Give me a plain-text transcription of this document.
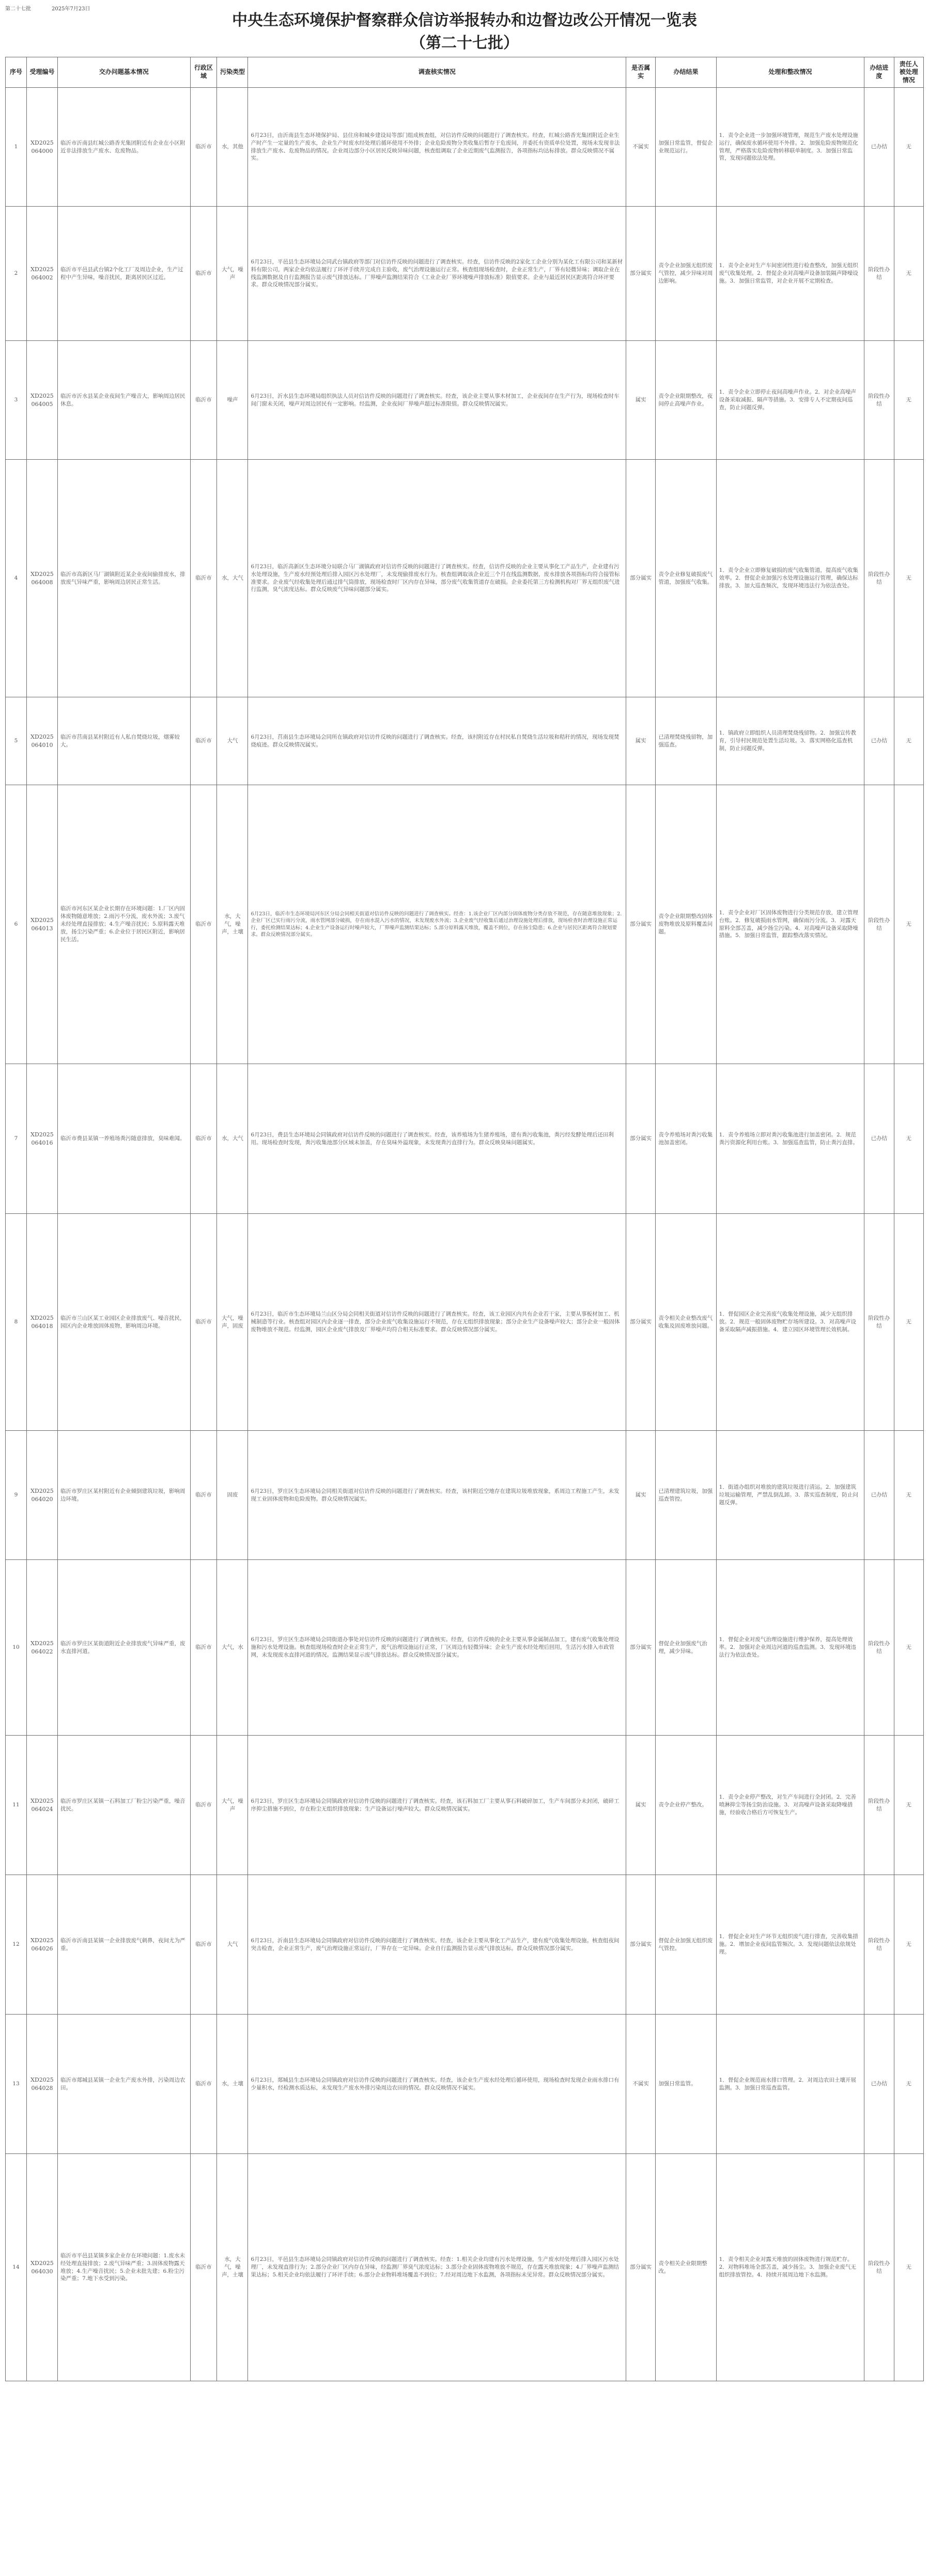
第二十七批　　　　2025年7月23日
中央生态环境保护督察群众信访举报转办和边督边改公开情况一览表
（第二十七批）
序号	受理编号	交办问题基本情况	行政区域	污染类型	调查核实情况	是否属实	办结结果	处理和整改情况	办结进度	责任人被处理情况
1	XD2025064000	临沂市沂南县红城公路香光集团附近有企业在小区附近非法排放生产废水、危废物品。	临沂市	水，其他	6月23日，由沂南县生态环境保护局、县住房和城乡建设局等部门组成核查组，对信访件反映的问题进行了调查核实。经查，红城公路香光集团附近企业生产时产生一定量的生产废水，企业生产时废水经处理后循环使用不外排；企业危险废物分类收集后暂存于危废间，并委托有资质单位处置，现场未发现非法排放生产废水、危废物品的情况。企业周边部分小区居民反映异味问题，核查组调取了企业近期废气监测报告，各项指标均达标排放。群众反映情况不属实。	不属实	加强日常监管，督促企业规范运行。	1．责令企业进一步加强环境管理，规范生产废水处理设施运行，确保废水循环使用不外排。2．加强危险废物规范化管理，严格落实危险废物转移联单制度。3．加强日常监管，发现问题依法处理。	已办结	无
2	XD2025064002	临沂市平邑县武台镇2个化工厂及周边企业，生产过程中产生异味，噪音扰民，距离居民区过近。	临沂市	大气，噪声	6月23日，平邑县生态环境局会同武台镇政府等部门对信访件反映的问题进行了调查核实。经查，信访件反映的2家化工企业分别为某化工有限公司和某新材料有限公司，两家企业均依法履行了环评手续并完成自主验收，废气治理设施运行正常。核查组现场检查时，企业正常生产，厂界有轻微异味；调取企业在线监测数据及自行监测报告显示废气排放达标。厂界噪声监测结果符合《工业企业厂界环境噪声排放标准》限值要求。企业与最近居民区距离符合环评要求。群众反映情况部分属实。	部分属实	责令企业加强无组织废气管控，减少异味对周边影响。	1．责令企业对生产车间密闭性进行检查整改，加强无组织废气收集处理。2．督促企业对高噪声设备加装隔声降噪设施。3．加强日常监管，对企业开展不定期检查。	阶段性办结	无
3	XD2025064005	临沂市沂水县某企业夜间生产噪音大，影响周边居民休息。	临沂市	噪声	6月23日，沂水县生态环境局组织执法人员对信访件反映的问题进行了调查核实。经查，该企业主要从事木材加工，企业夜间存在生产行为，现场检查时车间门窗未关闭，噪声对周边居民有一定影响。经监测，企业夜间厂界噪声超过标准限值。群众反映情况属实。	属实	责令企业限期整改，夜间停止高噪声作业。	1．责令企业立即停止夜间高噪声作业。2．对企业高噪声设备采取减振、隔声等措施。3．安排专人不定期夜间巡查，防止问题反弹。	阶段性办结	无
4	XD2025064008	临沂市高新区马厂湖镇附近某企业夜间偷排废水，排放废气异味严重，影响周边居民正常生活。	临沂市	水，大气	6月23日，临沂高新区生态环境分局联合马厂湖镇政府对信访件反映的问题进行了调查核实。经查，信访件反映的企业主要从事化工产品生产，企业建有污水处理设施，生产废水经预处理后排入园区污水处理厂，未发现偷排废水行为。核查组调取该企业近三个月在线监测数据，废水排放各项指标均符合接管标准要求。企业废气经收集处理后通过排气筒排放，现场检查时厂区内存在异味，部分废气收集管道存在破损。企业委托第三方检测机构对厂界无组织废气进行监测，臭气浓度达标。群众反映废气异味问题部分属实。	部分属实	责令企业修复破损废气管道，加强废气收集。	1．责令企业立即修复破损的废气收集管道，提高废气收集效率。2．督促企业加强污水处理设施运行管理，确保达标排放。3．加大巡查频次，发现环境违法行为依法查处。	阶段性办结	无
5	XD2025064010	临沂市莒南县某村附近有人私自焚烧垃圾，烟雾较大。	临沂市	大气	6月23日，莒南县生态环境局会同所在镇政府对信访件反映的问题进行了调查核实。经查，该村附近存在村民私自焚烧生活垃圾和秸秆的情况，现场发现焚烧痕迹。群众反映情况属实。	属实	已清理焚烧残留物，加强巡查。	1．镇政府立即组织人员清理焚烧残留物。2．加强宣传教育，引导村民规范处置生活垃圾。3．落实网格化巡查机制，防止问题反弹。	已办结	无
6	XD2025064013	临沂市河东区某企业长期存在环境问题：1.厂区内固体废物随意堆放；2.雨污不分流，废水外流；3.废气未经处理直接排放；4.生产噪音扰民；5.原料露天堆放，扬尘污染严重；6.企业位于居民区附近，影响居民生活。	临沂市	水，大气，噪声，土壤	6月23日，临沂市生态环境局河东区分局会同相关街道对信访件反映的问题进行了调查核实。经查：1.该企业厂区内部分固体废物分类存放不规范，存在随意堆放现象；2.企业厂区已实行雨污分流，雨水管网部分破损，存在雨水混入污水的情况，未发现废水外流；3.企业废气经收集后通过治理设施处理后排放，现场检查时治理设施正常运行，委托检测结果达标；4.企业生产设备运行时噪声较大，厂界噪声监测结果达标；5.部分原料露天堆放，覆盖不到位，存在扬尘隐患；6.企业与居民区距离符合规划要求。群众反映情况部分属实。	部分属实	责令企业限期整改固体废物堆放及原料覆盖问题。	1．责令企业对厂区固体废物进行分类规范存放，建立管理台账。2．修复破损雨水管网，确保雨污分流。3．对露天原料全部苫盖，减少扬尘污染。4．对高噪声设备采取降噪措施。5．加强日常监管，跟踪整改落实情况。	阶段性办结	无
7	XD2025064016	临沂市费县某镇一养殖场粪污随意排放，臭味难闻。	临沂市	水，大气	6月23日，费县生态环境局会同镇政府对信访件反映的问题进行了调查核实。经查，该养殖场为生猪养殖场，建有粪污收集池，粪污经发酵处理后还田利用。现场检查时发现，粪污收集池部分区域未加盖，存在臭味外溢现象，未发现粪污直排行为。群众反映臭味问题属实。	部分属实	责令养殖场对粪污收集池加盖密闭。	1．责令养殖场立即对粪污收集池进行加盖密闭。2．规范粪污资源化利用台账。3．加强巡查监管，防止粪污直排。	已办结	无
8	XD2025064018	临沂市兰山区某工业园区企业排放废气、噪音扰民，园区内企业堆放固体废物，影响周边环境。	临沂市	大气，噪声，固废	6月23日，临沂市生态环境局兰山区分局会同相关街道对信访件反映的问题进行了调查核实。经查，该工业园区内共有企业若干家，主要从事板材加工、机械制造等行业。核查组对园区内企业逐一排查，部分企业废气收集设施运行不规范，存在无组织排放现象；部分企业生产设备噪声较大；部分企业一般固体废物堆放不规范。经监测，园区企业废气排放及厂界噪声均符合相关标准要求。群众反映情况部分属实。	部分属实	责令相关企业整改废气收集及固废堆放问题。	1．督促园区企业完善废气收集处理设施，减少无组织排放。2．规范一般固体废物贮存场所建设。3．对高噪声设备采取隔声减振措施。4．建立园区环境管理长效机制。	阶段性办结	无
9	XD2025064020	临沂市罗庄区某村附近有企业倾倒建筑垃圾，影响周边环境。	临沂市	固废	6月23日，罗庄区生态环境局会同相关街道对信访件反映的问题进行了调查核实。经查，该村附近空地存在建筑垃圾堆放现象，系周边工程施工产生，未发现工业固体废物和危险废物。群众反映情况属实。	属实	已清理建筑垃圾，加强巡查管控。	1．街道办组织对堆放的建筑垃圾进行清运。2．加强建筑垃圾运输管理，严禁乱倒乱卸。3．落实巡查制度，防止问题反弹。	已办结	无
10	XD2025064022	临沂市罗庄区某街道附近企业排放废气异味严重，废水直排河道。	临沂市	大气，水	6月23日，罗庄区生态环境局会同街道办事处对信访件反映的问题进行了调查核实。经查，信访件反映的企业主要从事金属制品加工，建有废气收集处理设施和污水处理设施。核查组现场检查时企业正常生产，废气治理设施运行正常，厂区周边有轻微异味；企业生产废水经处理后回用，生活污水排入市政管网，未发现废水直排河道的情况。监测结果显示废气排放达标。群众反映情况部分属实。	部分属实	督促企业加强废气治理，减少异味。	1．督促企业对废气治理设施进行维护保养，提高处理效率。2．加强对企业周边河道的巡查监测。3．发现环境违法行为依法查处。	阶段性办结	无
11	XD2025064024	临沂市罗庄区某镇一石料加工厂粉尘污染严重，噪音扰民。	临沂市	大气，噪声	6月23日，罗庄区生态环境局会同镇政府对信访件反映的问题进行了调查核实。经查，该石料加工厂主要从事石料破碎加工，生产车间部分未封闭，破碎工序抑尘措施不到位，存在粉尘无组织排放现象；生产设备运行噪声较大。群众反映情况属实。	属实	责令企业停产整改。	1．责令企业停产整改，对生产车间进行全封闭。2．完善喷淋抑尘等扬尘防治设施。3．对高噪声设备采取降噪措施，经验收合格后方可恢复生产。	阶段性办结	无
12	XD2025064026	临沂市沂南县某镇一企业排放废气刺鼻，夜间尤为严重。	临沂市	大气	6月23日，沂南县生态环境局会同镇政府对信访件反映的问题进行了调查核实。经查，该企业主要从事化工产品生产，建有废气收集处理设施。核查组夜间突击检查，企业正常生产，废气治理设施正常运行，厂界存在一定异味。企业自行监测报告显示废气排放达标。群众反映情况部分属实。	部分属实	督促企业加强无组织废气管控。	1．督促企业对生产环节无组织废气进行排查，完善收集措施。2．增加企业夜间监管频次。3．发现问题依法依规处理。	阶段性办结	无
13	XD2025064028	临沂市郯城县某镇一企业生产废水外排，污染周边农田。	临沂市	水，土壤	6月23日，郯城县生态环境局会同镇政府对信访件反映的问题进行了调查核实。经查，该企业生产废水经处理后循环使用，现场检查时发现企业雨水排口有少量积水，经检测水质达标，未发现生产废水外排污染周边农田的情况。群众反映情况不属实。	不属实	加强日常监管。	1．督促企业规范雨水排口管理。2．对周边农田土壤开展监测。3．加强日常巡查监管。	已办结	无
14	XD2025064030	临沂市平邑县某镇多家企业存在环境问题：1.废水未经处理直接排放；2.废气异味严重；3.固体废物露天堆放；4.生产噪音扰民；5.企业未批先建；6.粉尘污染严重；7.地下水受到污染。	临沂市	水，大气，噪声，土壤	6月23日，平邑县生态环境局会同镇政府对信访件反映的问题进行了调查核实。经查：1.相关企业均建有污水处理设施，生产废水经处理后排入园区污水处理厂，未发现直排行为；2.部分企业厂区内存在异味，经监测厂界臭气浓度达标；3.部分企业固体废物堆放不规范，存在露天堆放现象；4.厂界噪声监测结果达标；5.相关企业均依法履行了环评手续；6.部分企业物料堆场覆盖不到位；7.经对周边地下水监测，各项指标未见异常。群众反映情况部分属实。	部分属实	责令相关企业限期整改。	1．责令相关企业对露天堆放的固体废物进行规范贮存。2．对物料堆场全部苫盖，减少扬尘。3．加强企业废气无组织排放管控。4．持续开展周边地下水监测。	阶段性办结	无
